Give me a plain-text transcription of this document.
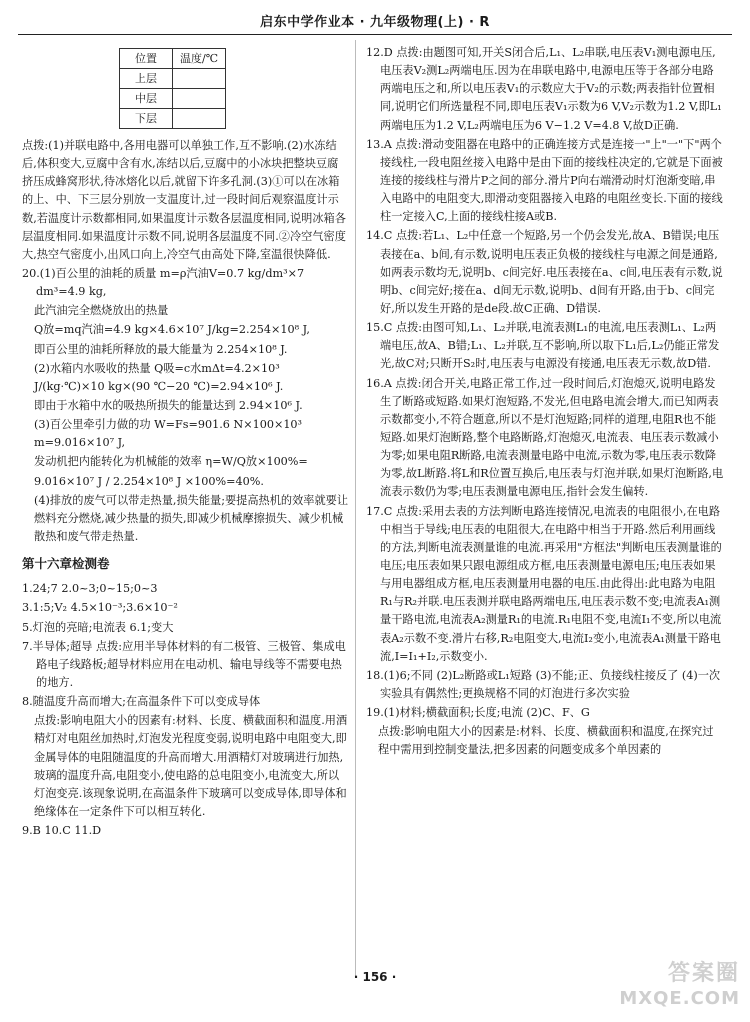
启东中学作业本 · 九年级物理(上) · R
位置	温度/℃
上层	
中层	
下层	

点拨:(1)并联电路中,各用电器可以单独工作,互不影响.(2)水冻结后,体积变大,豆腐中含有水,冻结以后,豆腐中的小冰块把整块豆腐挤压成蜂窝形状,待冰熔化以后,就留下许多孔洞.(3)①可以在冰箱的上、中、下三层分别放一支温度计,过一段时间后观察温度计示数,若温度计示数都相同,如果温度计示数各层温度相同,说明冰箱各层温度相同.如果温度计示数不同,说明各层温度不同.②冷空气密度大,热空气密度小,出风口向上,冷空气由高处下降,室温很快降低.

20.(1)百公里的油耗的质量 m=ρ汽油V=0.7 kg/dm³×7 dm³=4.9 kg,

此汽油完全燃烧放出的热量

Q放=mq汽油=4.9 kg×4.6×10⁷ J/kg=2.254×10⁸ J,

即百公里的油耗所释放的最大能量为 2.254×10⁸ J.

(2)水箱内水吸收的热量 Q吸=c水mΔt=4.2×10³ J/(kg·℃)×10 kg×(90 ℃−20 ℃)=2.94×10⁶ J.

即由于水箱中水的吸热所损失的能量达到 2.94×10⁶ J.

(3)百公里牵引力做的功 W=Fs=901.6 N×100×10³ m=9.016×10⁷ J,

发动机把内能转化为机械能的效率 η=W/Q放×100%=

9.016×10⁷ J / 2.254×10⁸ J ×100%=40%.

(4)排放的废气可以带走热量,损失能量;要提高热机的效率就要让燃料充分燃烧,减少热量的损失,即减少机械摩擦损失、减少机械散热和废气带走热量.

第十六章检测卷

1.24;7 2.0~3;0~15;0~3

3.1:5;V₂ 4.5×10⁻³;3.6×10⁻²

5.灯泡的亮暗;电流表 6.1;变大

7.半导体;超导 点拨:应用半导体材料的有二极管、三极管、集成电路电子线路板;超导材料应用在电动机、输电导线等不需要电热的地方.

8.随温度升高而增大;在高温条件下可以变成导体

点拨:影响电阻大小的因素有:材料、长度、横截面积和温度.用酒精灯对电阻丝加热时,灯泡发光程度变弱,说明电路中电阻变大,即金属导体的电阻随温度的升高而增大.用酒精灯对玻璃进行加热,玻璃的温度升高,电阻变小,使电路的总电阻变小,电流变大,所以灯泡变亮.该现象说明,在高温条件下玻璃可以变成导体,即导体和绝缘体在一定条件下可以相互转化.

9.B 10.C 11.D

12.D 点拨:由题图可知,开关S闭合后,L₁、L₂串联,电压表V₁测电源电压,电压表V₂测L₂两端电压.因为在串联电路中,电源电压等于各部分电路两端电压之和,所以电压表V₁的示数应大于V₂的示数;两表指针位置相同,说明它们所选量程不同,即电压表V₁示数为6 V,V₂示数为1.2 V,即L₁两端电压为1.2 V,L₂两端电压为6 V−1.2 V=4.8 V,故D正确.

13.A 点拨:滑动变阻器在电路中的正确连接方式是连接一"上"一"下"两个接线柱,一段电阻丝接入电路中是由下面的接线柱决定的,它就是下面被连接的接线柱与滑片P之间的部分.滑片P向右端滑动时灯泡渐变暗,串入电路中的电阻变大,即滑动变阻器接入电路的电阻丝变长.下面的接线柱一定接入C,上面的接线柱接A或B.

14.C 点拨:若L₁、L₂中任意一个短路,另一个仍会发光,故A、B错误;电压表接在a、b间,有示数,说明电压表正负极的接线柱与电源之间是通路,如两表示数均无,说明b、c间完好.电压表接在a、c间,电压表有示数,说明b、c间完好;接在a、d间无示数,说明b、d间有开路,由于b、c间完好,所以发生开路的是de段.故C正确、D错误.

15.C 点拨:由图可知,L₁、L₂并联,电流表测L₁的电流,电压表测L₁、L₂两端电压,故A、B错;L₁、L₂并联,互不影响,所以取下L₁后,L₂仍能正常发光,故C对;只断开S₂时,电压表与电源没有接通,电压表无示数,故D错.

16.A 点拨:闭合开关,电路正常工作,过一段时间后,灯泡熄灭,说明电路发生了断路或短路.如果灯泡短路,不发光,但电路电流会增大,而已知两表示数都变小,不符合题意,所以不是灯泡短路;同样的道理,电阻R也不能短路.如果灯泡断路,整个电路断路,灯泡熄灭,电流表、电压表示数减小为零;如果电阻R断路,电流表测量电路中电流,示数为零,电压表示数降为零,故L断路.将L和R位置互换后,电压表与灯泡并联,如果灯泡断路,电流表示数仍为零;电压表测量电源电压,指针会发生偏转.

17.C 点拨:采用去表的方法判断电路连接情况,电流表的电阻很小,在电路中相当于导线;电压表的电阻很大,在电路中相当于开路.然后利用画线的方法,判断电流表测量谁的电流.再采用"方框法"判断电压表测量谁的电压;电压表如果只跟电源组成方框,电压表测量电源电压;电压表如果与用电器组成方框,电压表测量用电器的电压.由此得出:此电路为电阻R₁与R₂并联.电压表测并联电路两端电压,电压表示数不变;电流表A₁测量干路电流,电流表A₂测量R₁的电流.R₁电阻不变,电流I₁不变,所以电流表A₂示数不变.滑片右移,R₂电阻变大,电流I₂变小,电流表A₁测量干路电流,I=I₁+I₂,示数变小.

18.(1)6;不同 (2)L₂断路或L₁短路 (3)不能;正、负接线柱接反了 (4)一次实验具有偶然性;更换规格不同的灯泡进行多次实验

19.(1)材料;横截面积;长度;电流 (2)C、F、G

点拨:影响电阻大小的因素是:材料、长度、横截面积和温度,在探究过程中需用到控制变量法,把多因素的问题变成多个单因素的

· 156 ·	答案圈
MXQE.COM
